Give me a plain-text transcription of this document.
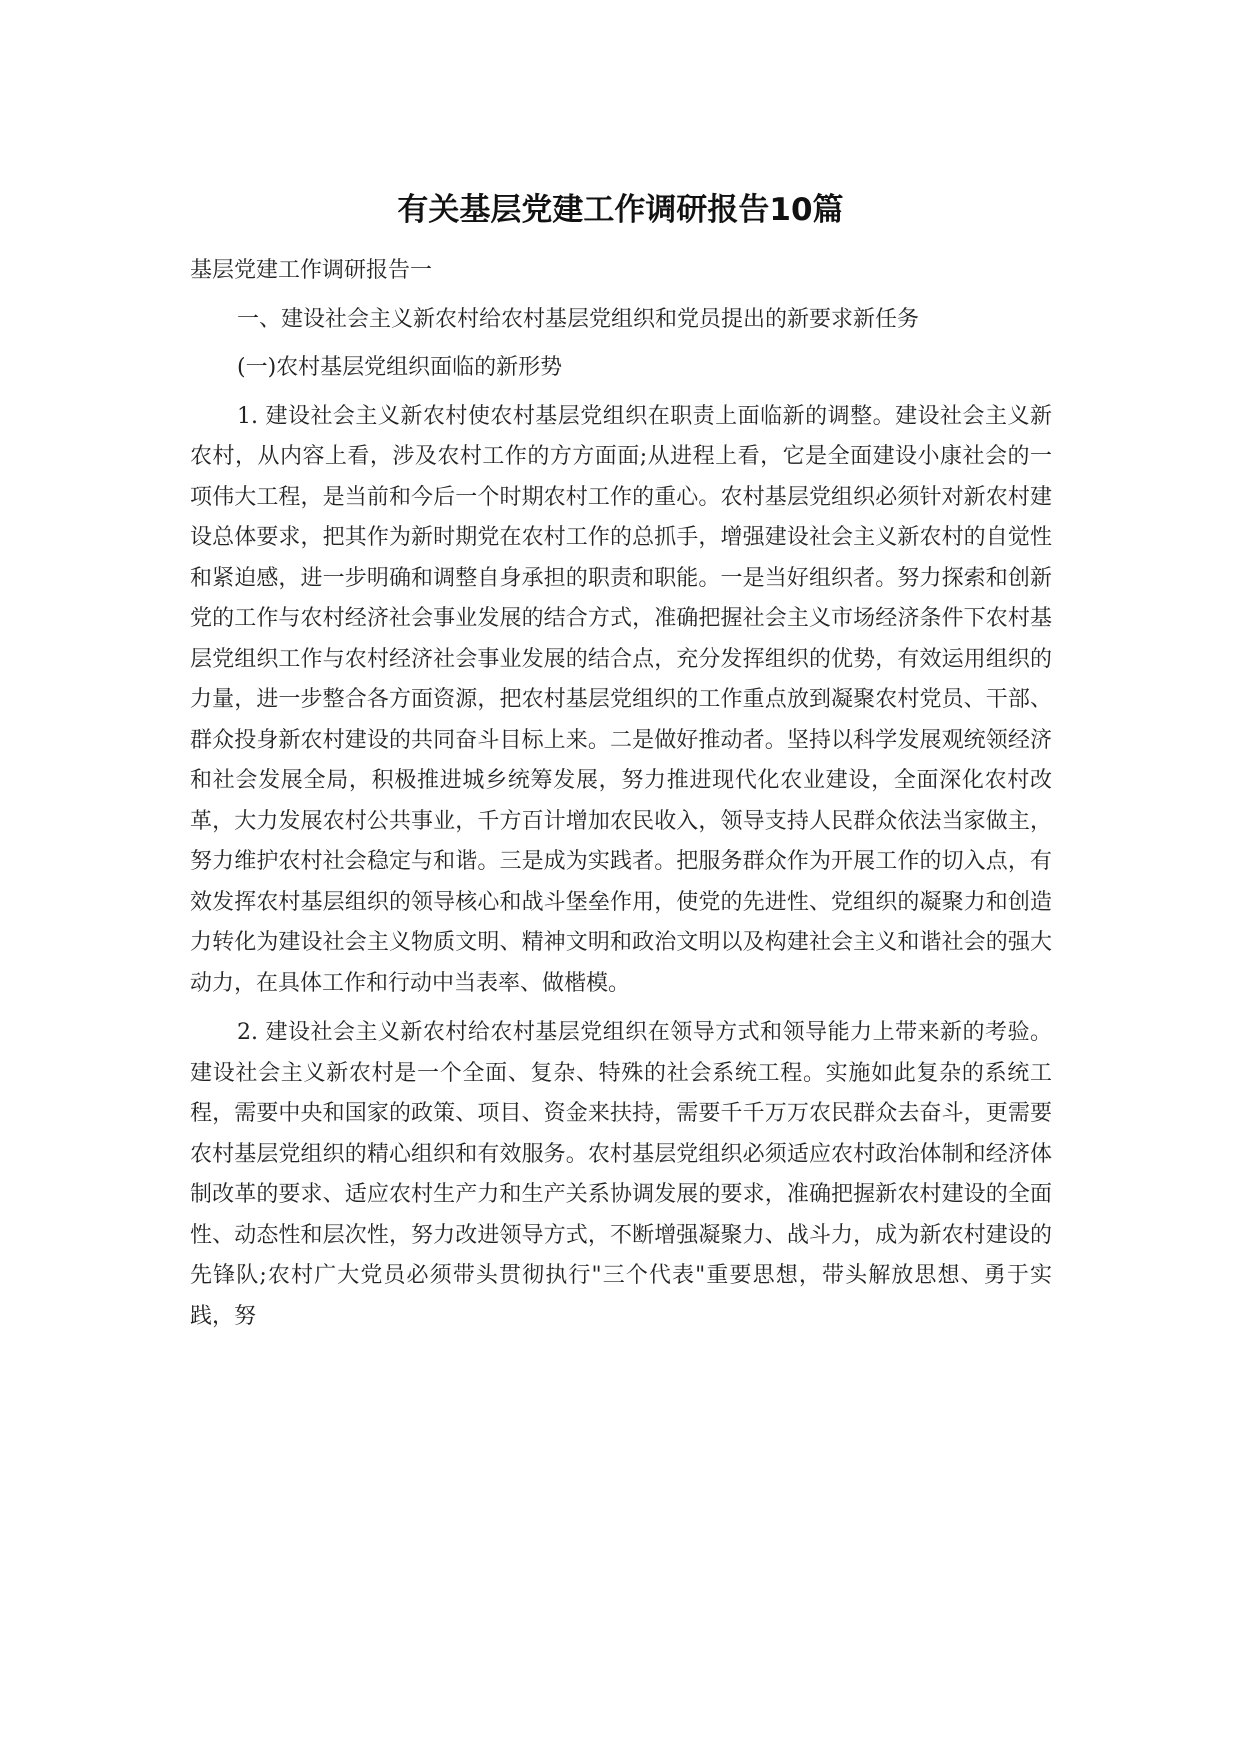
有关基层党建工作调研报告10篇

基层党建工作调研报告一

一、建设社会主义新农村给农村基层党组织和党员提出的新要求新任务

(一)农村基层党组织面临的新形势

1. 建设社会主义新农村使农村基层党组织在职责上面临新的调整。建设社会主义新农村，从内容上看，涉及农村工作的方方面面;从进程上看，它是全面建设小康社会的一项伟大工程，是当前和今后一个时期农村工作的重心。农村基层党组织必须针对新农村建设总体要求，把其作为新时期党在农村工作的总抓手，增强建设社会主义新农村的自觉性和紧迫感，进一步明确和调整自身承担的职责和职能。一是当好组织者。努力探索和创新党的工作与农村经济社会事业发展的结合方式，准确把握社会主义市场经济条件下农村基层党组织工作与农村经济社会事业发展的结合点，充分发挥组织的优势，有效运用组织的力量，进一步整合各方面资源，把农村基层党组织的工作重点放到凝聚农村党员、干部、群众投身新农村建设的共同奋斗目标上来。二是做好推动者。坚持以科学发展观统领经济和社会发展全局，积极推进城乡统筹发展，努力推进现代化农业建设，全面深化农村改革，大力发展农村公共事业，千方百计增加农民收入，领导支持人民群众依法当家做主，努力维护农村社会稳定与和谐。三是成为实践者。把服务群众作为开展工作的切入点，有效发挥农村基层组织的领导核心和战斗堡垒作用，使党的先进性、党组织的凝聚力和创造力转化为建设社会主义物质文明、精神文明和政治文明以及构建社会主义和谐社会的强大动力，在具体工作和行动中当表率、做楷模。

2. 建设社会主义新农村给农村基层党组织在领导方式和领导能力上带来新的考验。建设社会主义新农村是一个全面、复杂、特殊的社会系统工程。实施如此复杂的系统工程，需要中央和国家的政策、项目、资金来扶持，需要千千万万农民群众去奋斗，更需要农村基层党组织的精心组织和有效服务。农村基层党组织必须适应农村政治体制和经济体制改革的要求、适应农村生产力和生产关系协调发展的要求，准确把握新农村建设的全面性、动态性和层次性，努力改进领导方式，不断增强凝聚力、战斗力，成为新农村建设的先锋队;农村广大党员必须带头贯彻执行"三个代表"重要思想，带头解放思想、勇于实践，努
